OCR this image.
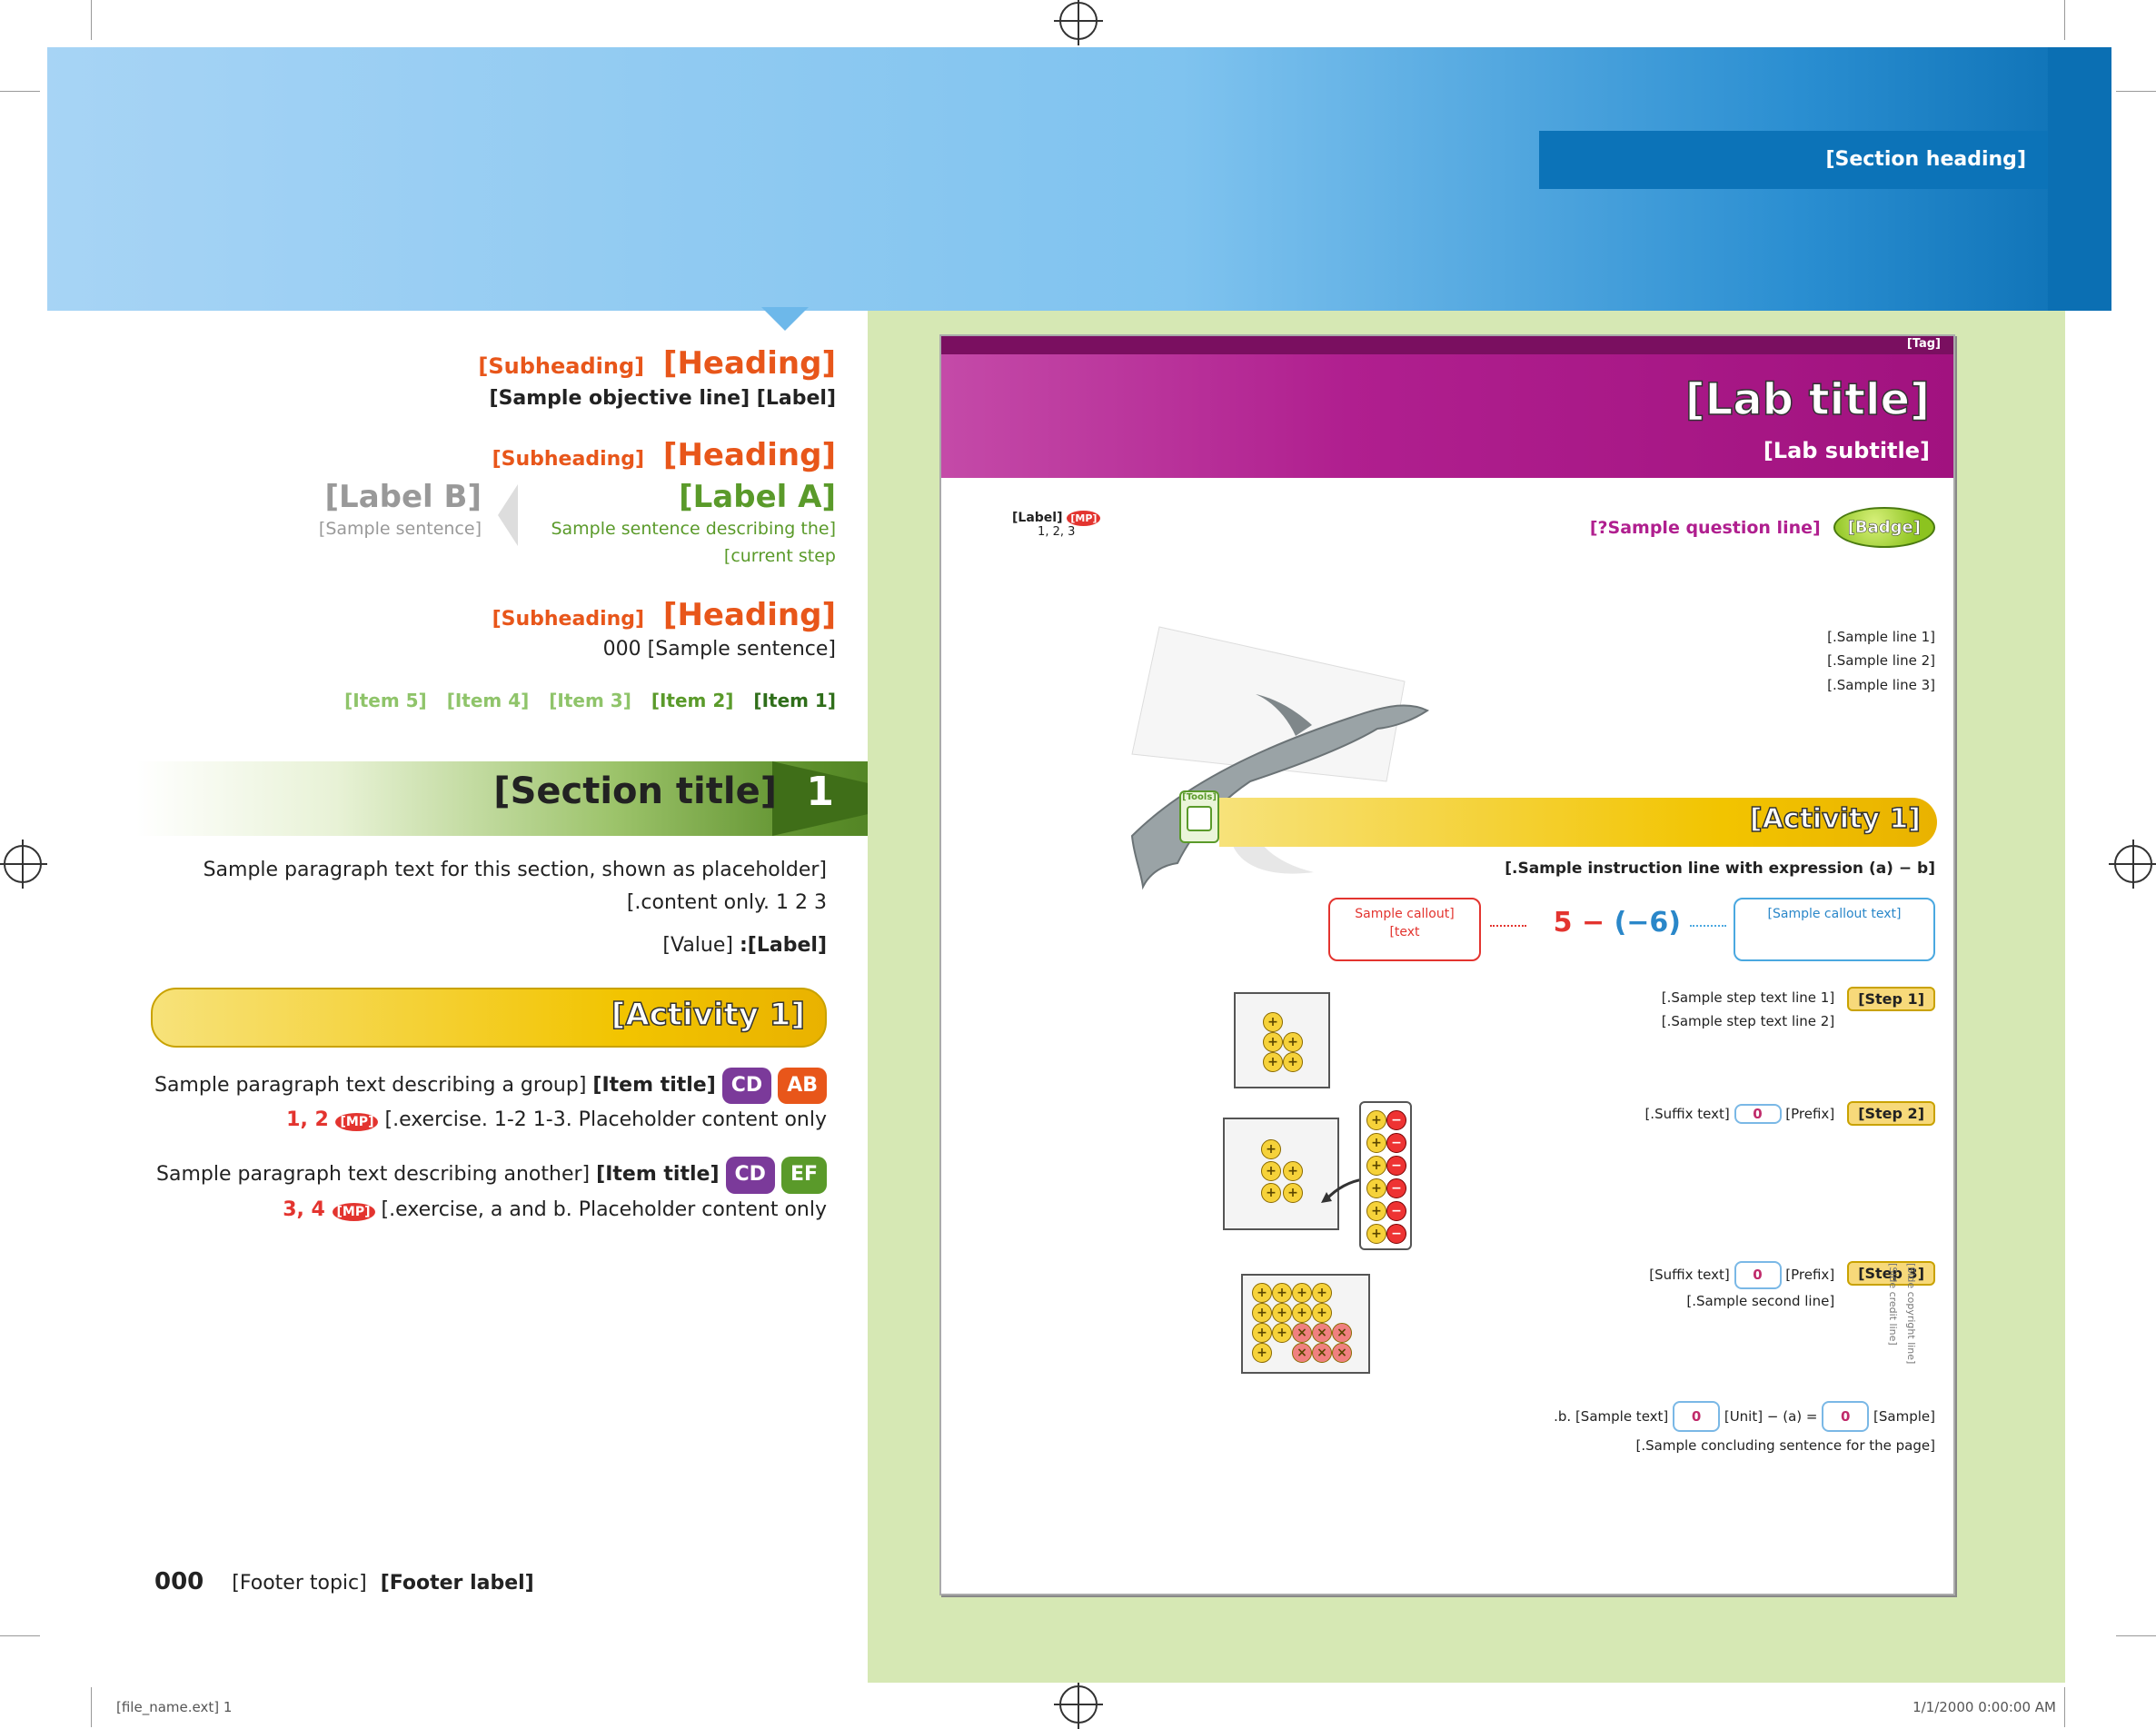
[Section heading]
[Heading] [Subheading]
[Label] [Sample objective line]
[Heading] [Subheading]
[Label A]
[Sample sentence describing the current step]
[Label B]
[Sample sentence]
[Heading] [Subheading]
[Sample sentence] 000
[Item 1]
[Item 2]
[Item 3]
[Item 4]
[Item 5]
1
[Section title]
[Sample paragraph text for this section, shown as placeholder content only. 1 2 3.]
[Label]: [Value]
[Activity 1]
AB CD [Item title] [Sample paragraph text describing a group exercise. 1-2 1-3. Placeholder content only.] [MP] 1, 2
EF CD [Item title] [Sample paragraph text describing another exercise, a and b. Placeholder content only.] [MP] 3, 4
000 [Footer topic] [Footer label]
[file_name.ext] 1	1/1/2000 0:00:00 AM
[Tag]
[Lab title]
[Lab subtitle]
[Badge]
[Sample question line?]
[MP] [Label]
1, 2, 3
[Sample line 1.]
[Sample line 2.]
[Sample line 3.]
[Tools]
[Activity 1]
[Sample instruction line with expression (a) − b.]
[Sample callout text]
5 − (−6)
[Sample callout text]
[Step 1]
[Sample step text line 1.]
[Sample step text line 2.]
+
+ +
+ +
[Step 2]
[Prefix] 0 [Suffix text.]
+
+ +
+ +
+ −
+ −
+ −
+ −
+ −
+ −
[Step 3]
[Prefix] 0 [Suffix text]
[Sample second line.]
+ + + +
+ + + +
+ + × × ×
+	× × ×
[Sample] 0 = (a) − b. [Sample text] 0 [Unit].
[Sample concluding sentence for the page.]
[Side credit line] [Side copyright line]
